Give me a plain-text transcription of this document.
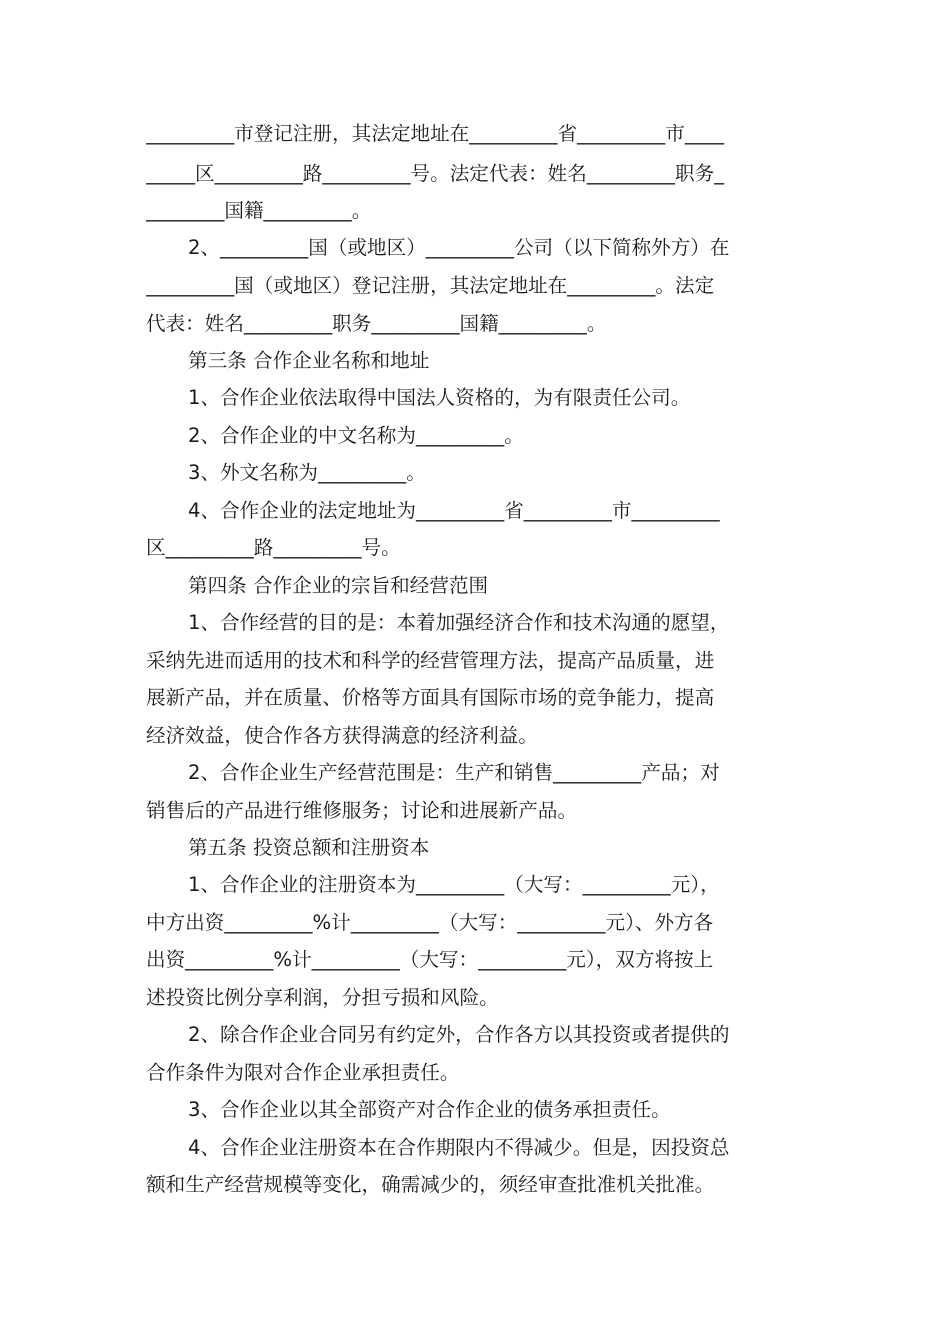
_________市登记注册，其法定地址在_________省_________市____
_____区_________路_________号。法定代表：姓名_________职务_
________国籍_________。
2、_________国（或地区）_________公司（以下简称外方）在
_________国（或地区）登记注册，其法定地址在_________。法定
代表：姓名_________职务_________国籍_________。
第三条 合作企业名称和地址
1、合作企业依法取得中国法人资格的，为有限责任公司。
2、合作企业的中文名称为_________。
3、外文名称为_________。
4、合作企业的法定地址为_________省_________市_________
区_________路_________号。
第四条 合作企业的宗旨和经营范围
1、合作经营的目的是：本着加强经济合作和技术沟通的愿望，
采纳先进而适用的技术和科学的经营管理方法，提高产品质量，进
展新产品，并在质量、价格等方面具有国际市场的竞争能力，提高
经济效益，使合作各方获得满意的经济利益。
2、合作企业生产经营范围是：生产和销售_________产品；对
销售后的产品进行维修服务；讨论和进展新产品。
第五条 投资总额和注册资本
1、合作企业的注册资本为_________（大写：_________元），
中方出资_________%计_________（大写：_________元）、外方各
出资_________%计_________（大写：_________元），双方将按上
述投资比例分享利润，分担亏损和风险。
2、除合作企业合同另有约定外，合作各方以其投资或者提供的
合作条件为限对合作企业承担责任。
3、合作企业以其全部资产对合作企业的债务承担责任。
4、合作企业注册资本在合作期限内不得减少。但是，因投资总
额和生产经营规模等变化，确需减少的，须经审查批准机关批准。
